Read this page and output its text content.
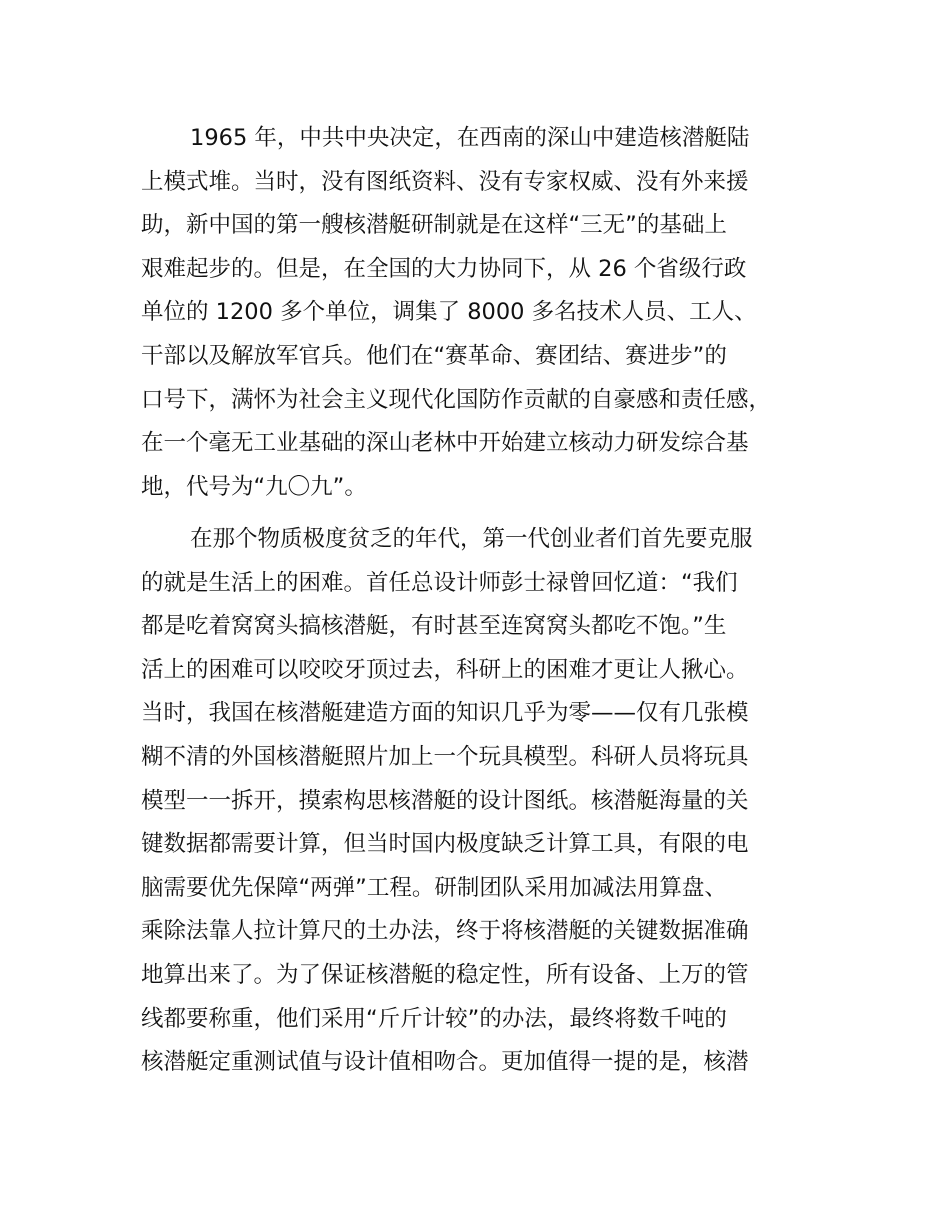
1965 年，中共中央决定，在西南的深山中建造核潜艇陆
上模式堆。当时，没有图纸资料、没有专家权威、没有外来援
助，新中国的第一艘核潜艇研制就是在这样“三无”的基础上
艰难起步的。但是，在全国的大力协同下，从 26 个省级行政
单位的 1200 多个单位，调集了 8000 多名技术人员、工人、
干部以及解放军官兵。他们在“赛革命、赛团结、赛进步”的
口号下，满怀为社会主义现代化国防作贡献的自豪感和责任感，
在一个毫无工业基础的深山老林中开始建立核动力研发综合基
地，代号为“九〇九”。
在那个物质极度贫乏的年代，第一代创业者们首先要克服
的就是生活上的困难。首任总设计师彭士禄曾回忆道：“我们
都是吃着窝窝头搞核潜艇，有时甚至连窝窝头都吃不饱。”生
活上的困难可以咬咬牙顶过去，科研上的困难才更让人揪心。
当时，我国在核潜艇建造方面的知识几乎为零——仅有几张模
糊不清的外国核潜艇照片加上一个玩具模型。科研人员将玩具
模型一一拆开，摸索构思核潜艇的设计图纸。核潜艇海量的关
键数据都需要计算，但当时国内极度缺乏计算工具，有限的电
脑需要优先保障“两弹”工程。研制团队采用加减法用算盘、
乘除法靠人拉计算尺的土办法，终于将核潜艇的关键数据准确
地算出来了。为了保证核潜艇的稳定性，所有设备、上万的管
线都要称重，他们采用“斤斤计较”的办法，最终将数千吨的
核潜艇定重测试值与设计值相吻合。更加值得一提的是，核潜
